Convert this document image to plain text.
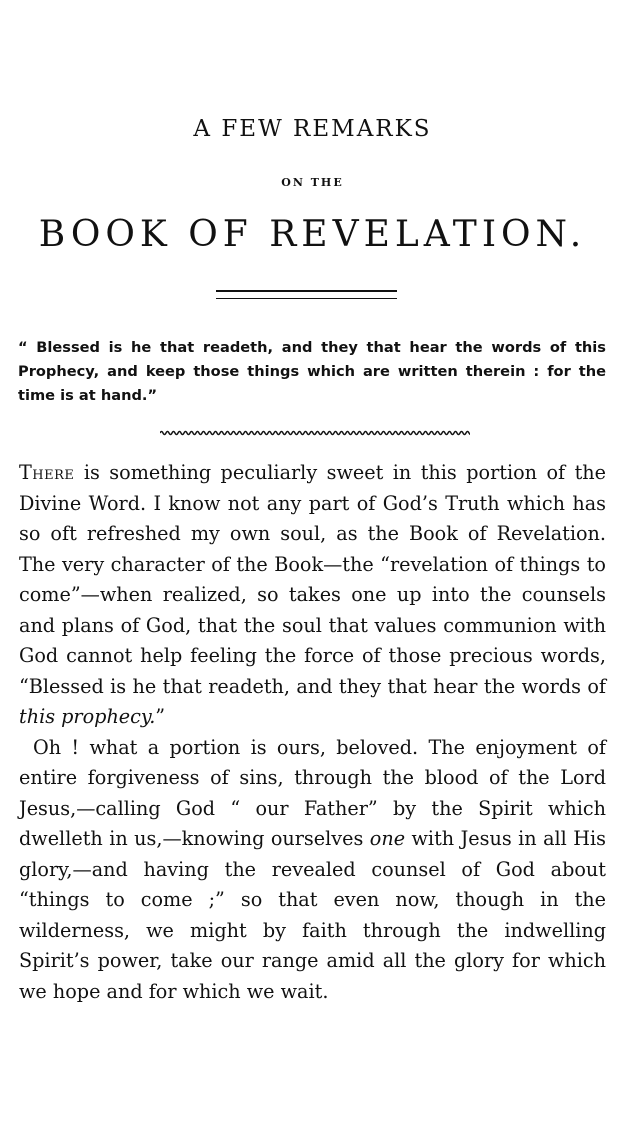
A FEW REMARKS
ON THE
BOOK OF REVELATION.
“ Blessed is he that readeth, and they that hear the words of this Prophecy, and keep those things which are written therein : for the time is at hand.”

There is something peculiarly sweet in this portion of the Divine Word. I know not any part of God’s Truth which has so oft refreshed my own soul, as the Book of Revelation. The very character of the Book—the “revelation of things to come”—when realized, so takes one up into the counsels and plans of God, that the soul that values communion with God cannot help feeling the force of those precious words, “Blessed is he that readeth, and they that hear the words of this prophecy.”

Oh ! what a portion is ours, beloved. The enjoyment of entire forgiveness of sins, through the blood of the Lord Jesus,—calling God “ our Father” by the Spirit which dwelleth in us,—knowing ourselves one with Jesus in all His glory,—and having the revealed counsel of God about “things to come ;” so that even now, though in the wilderness, we might by faith through the indwelling Spirit’s power, take our range amid all the glory for which we hope and for which we wait.
